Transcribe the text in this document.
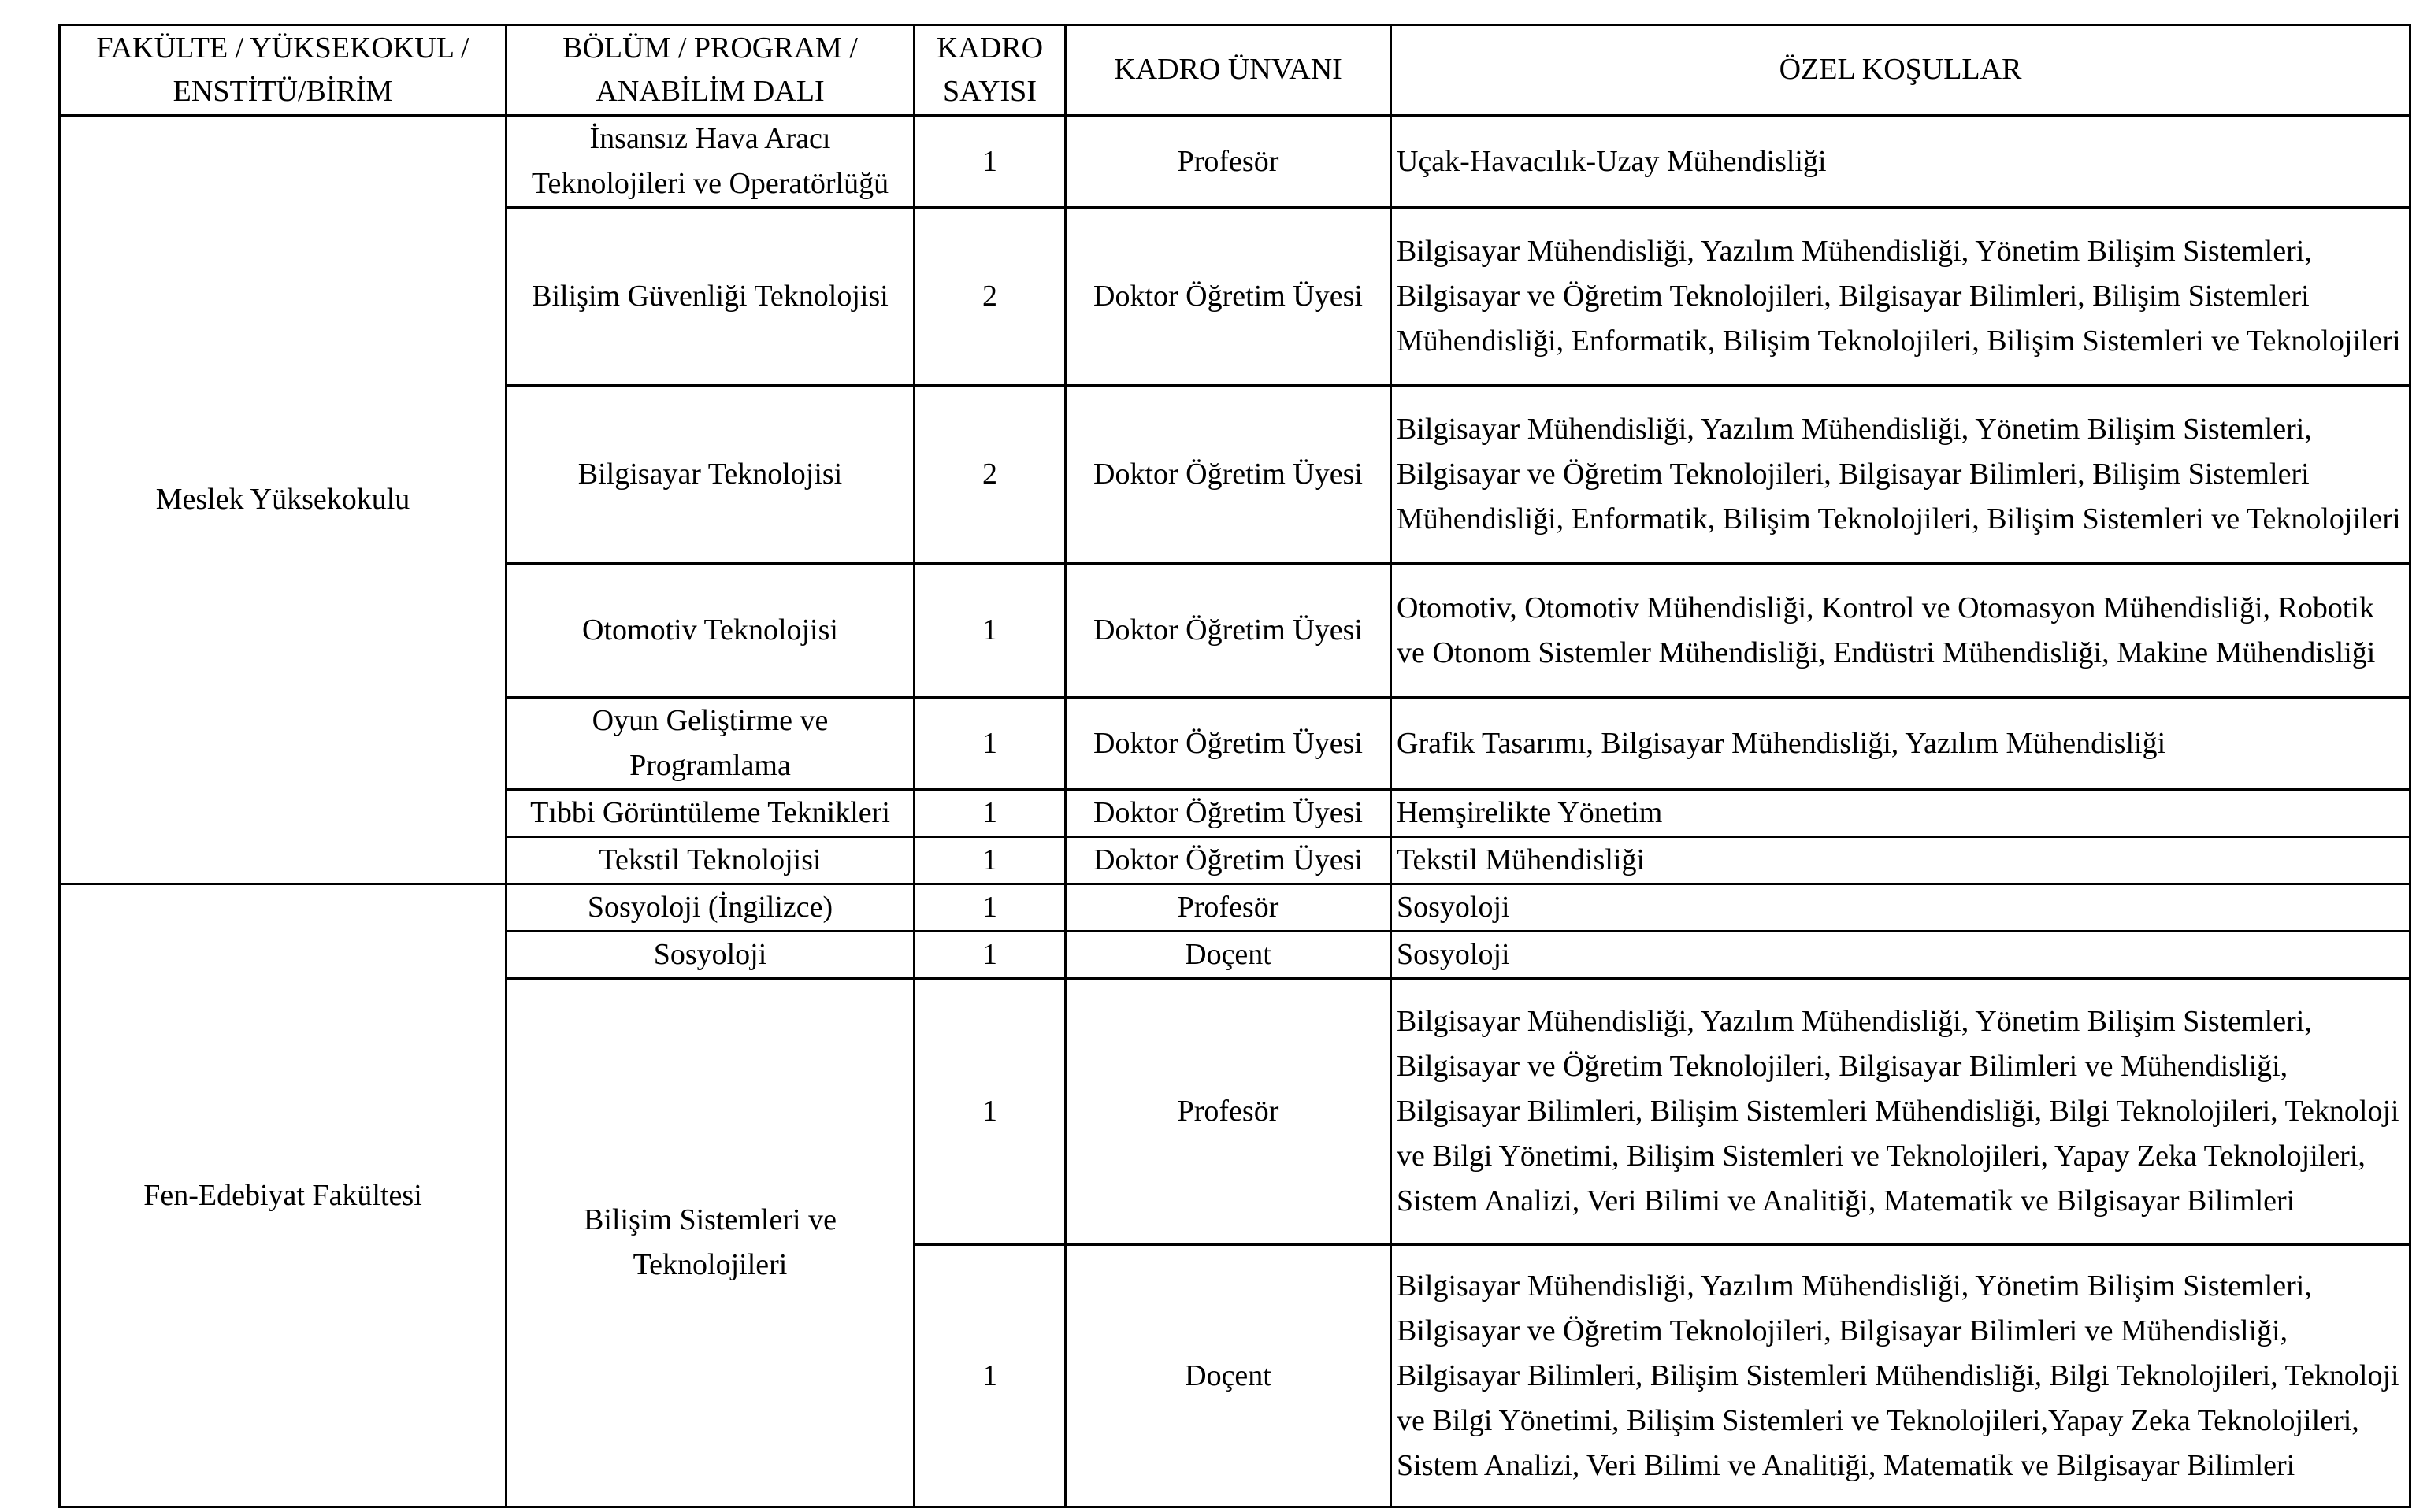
FAKÜLTE / YÜKSEKOKUL / ENSTİTÜ/BİRİM	BÖLÜM / PROGRAM / ANABİLİM DALI	KADRO SAYISI	KADRO ÜNVANI	ÖZEL KOŞULLAR
Meslek Yüksekokulu	İnsansız Hava Aracı Teknolojileri ve Operatörlüğü	1	Profesör	Uçak-Havacılık-Uzay Mühendisliği
	Bilişim Güvenliği Teknolojisi	2	Doktor Öğretim Üyesi	Bilgisayar Mühendisliği, Yazılım Mühendisliği, Yönetim Bilişim Sistemleri, Bilgisayar ve Öğretim Teknolojileri, Bilgisayar Bilimleri, Bilişim Sistemleri Mühendisliği, Enformatik, Bilişim Teknolojileri, Bilişim Sistemleri ve Teknolojileri
	Bilgisayar Teknolojisi	2	Doktor Öğretim Üyesi	Bilgisayar Mühendisliği, Yazılım Mühendisliği, Yönetim Bilişim Sistemleri, Bilgisayar ve Öğretim Teknolojileri, Bilgisayar Bilimleri, Bilişim Sistemleri Mühendisliği, Enformatik, Bilişim Teknolojileri, Bilişim Sistemleri ve Teknolojileri
	Otomotiv Teknolojisi	1	Doktor Öğretim Üyesi	Otomotiv, Otomotiv Mühendisliği, Kontrol ve Otomasyon Mühendisliği, Robotik ve Otonom Sistemler Mühendisliği, Endüstri Mühendisliği, Makine Mühendisliği
	Oyun Geliştirme ve Programlama	1	Doktor Öğretim Üyesi	Grafik Tasarımı, Bilgisayar Mühendisliği, Yazılım Mühendisliği
	Tıbbi Görüntüleme Teknikleri	1	Doktor Öğretim Üyesi	Hemşirelikte Yönetim
	Tekstil Teknolojisi	1	Doktor Öğretim Üyesi	Tekstil Mühendisliği
Fen-Edebiyat Fakültesi	Sosyoloji (İngilizce)	1	Profesör	Sosyoloji
	Sosyoloji	1	Doçent	Sosyoloji
	Bilişim Sistemleri ve Teknolojileri	1	Profesör	Bilgisayar Mühendisliği, Yazılım Mühendisliği, Yönetim Bilişim Sistemleri, Bilgisayar ve Öğretim Teknolojileri, Bilgisayar Bilimleri ve Mühendisliği, Bilgisayar Bilimleri, Bilişim Sistemleri Mühendisliği, Bilgi Teknolojileri, Teknoloji ve Bilgi Yönetimi, Bilişim Sistemleri ve Teknolojileri, Yapay Zeka Teknolojileri, Sistem Analizi, Veri Bilimi ve Analitiği, Matematik ve Bilgisayar Bilimleri
		1	Doçent	Bilgisayar Mühendisliği, Yazılım Mühendisliği, Yönetim Bilişim Sistemleri, Bilgisayar ve Öğretim Teknolojileri, Bilgisayar Bilimleri ve Mühendisliği, Bilgisayar Bilimleri, Bilişim Sistemleri Mühendisliği, Bilgi Teknolojileri, Teknoloji ve Bilgi Yönetimi, Bilişim Sistemleri ve Teknolojileri,Yapay Zeka Teknolojileri, Sistem Analizi, Veri Bilimi ve Analitiği, Matematik ve Bilgisayar Bilimleri
